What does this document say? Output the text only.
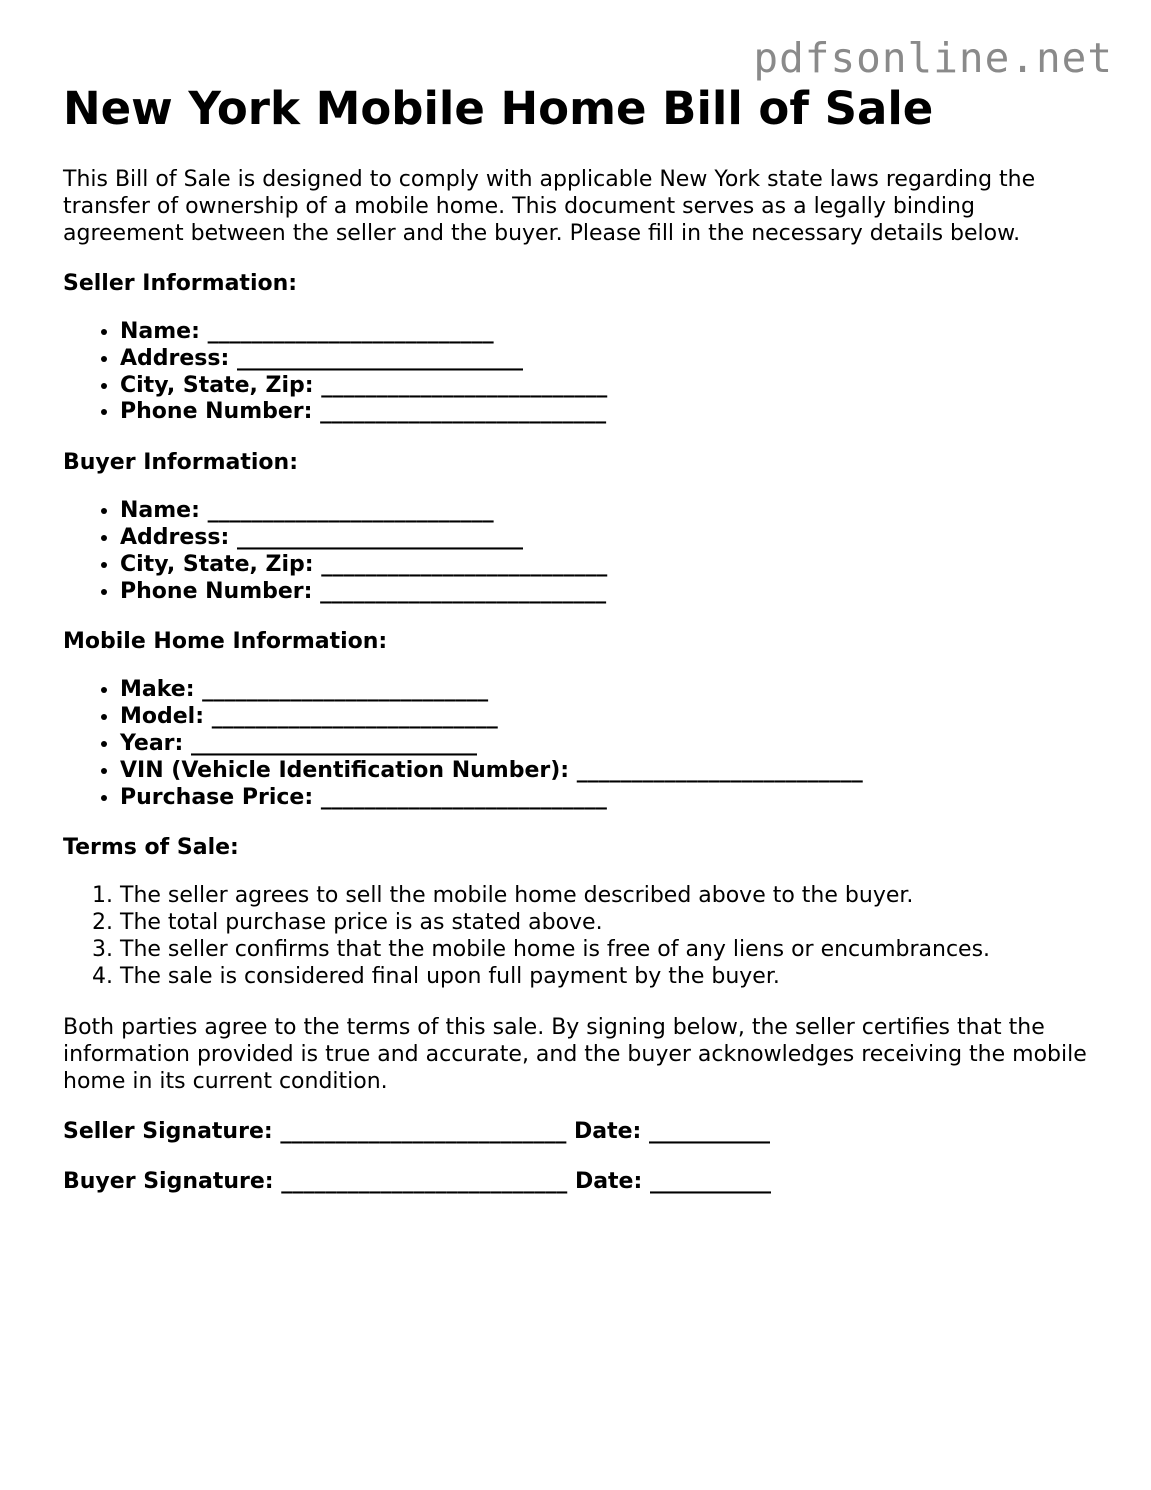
pdfsonline.net
New York Mobile Home Bill of Sale

This Bill of Sale is designed to comply with applicable New York state laws regarding the transfer of ownership of a mobile home. This document serves as a legally binding agreement between the seller and the buyer. Please fill in the necessary details below.

Seller Information:

• Name: __________________________
• Address: __________________________
• City, State, Zip: __________________________
• Phone Number: __________________________

Buyer Information:

• Name: __________________________
• Address: __________________________
• City, State, Zip: __________________________
• Phone Number: __________________________

Mobile Home Information:

• Make: __________________________
• Model: __________________________
• Year: __________________________
• VIN (Vehicle Identification Number): __________________________
• Purchase Price: __________________________

Terms of Sale:

1. The seller agrees to sell the mobile home described above to the buyer.
2. The total purchase price is as stated above.
3. The seller confirms that the mobile home is free of any liens or encumbrances.
4. The sale is considered final upon full payment by the buyer.

Both parties agree to the terms of this sale. By signing below, the seller certifies that the information provided is true and accurate, and the buyer acknowledges receiving the mobile home in its current condition.

Seller Signature: __________________________ Date: ___________

Buyer Signature: __________________________ Date: ___________
